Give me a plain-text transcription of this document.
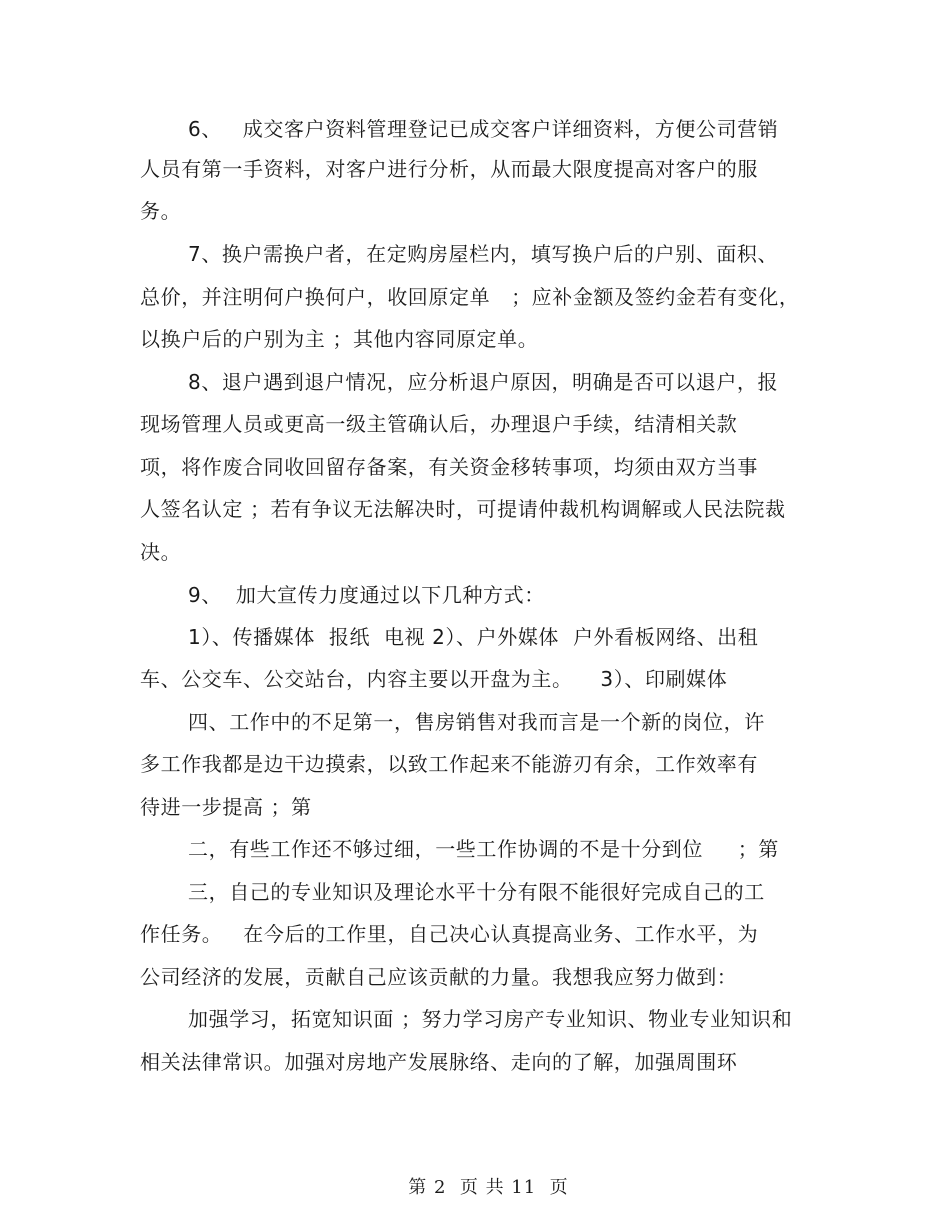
6、   成交客户资料管理登记已成交客户详细资料，方便公司营销
人员有第一手资料，对客户进行分析，从而最大限度提高对客户的服
务。
7、换户需换户者，在定购房屋栏内，填写换户后的户别、面积、
总价，并注明何户换何户，收回原定单   ；应补金额及签约金若有变化，
以换户后的户别为主 ；其他内容同原定单。
8、退户遇到退户情况，应分析退户原因，明确是否可以退户，报
现场管理人员或更高一级主管确认后，办理退户手续，结清相关款
项，将作废合同收回留存备案，有关资金移转事项，均须由双方当事
人签名认定 ；若有争议无法解决时，可提请仲裁机构调解或人民法院裁
决。
9、  加大宣传力度通过以下几种方式：
1）、传播媒体  报纸  电视 2）、户外媒体  户外看板网络、出租
车、公交车、公交站台，内容主要以开盘为主。    3）、印刷媒体
四、工作中的不足第一，售房销售对我而言是一个新的岗位，许
多工作我都是边干边摸索，以致工作起来不能游刃有余，工作效率有
待进一步提高 ；第
二，有些工作还不够过细，一些工作协调的不是十分到位     ；第
三，自己的专业知识及理论水平十分有限不能很好完成自己的工
作任务。   在今后的工作里，自己决心认真提高业务、工作水平，为
公司经济的发展，贡献自己应该贡献的力量。我想我应努力做到：
加强学习，拓宽知识面 ；努力学习房产专业知识、物业专业知识和
相关法律常识。加强对房地产发展脉络、走向的了解，加强周围环

第 2  页 共 11  页
